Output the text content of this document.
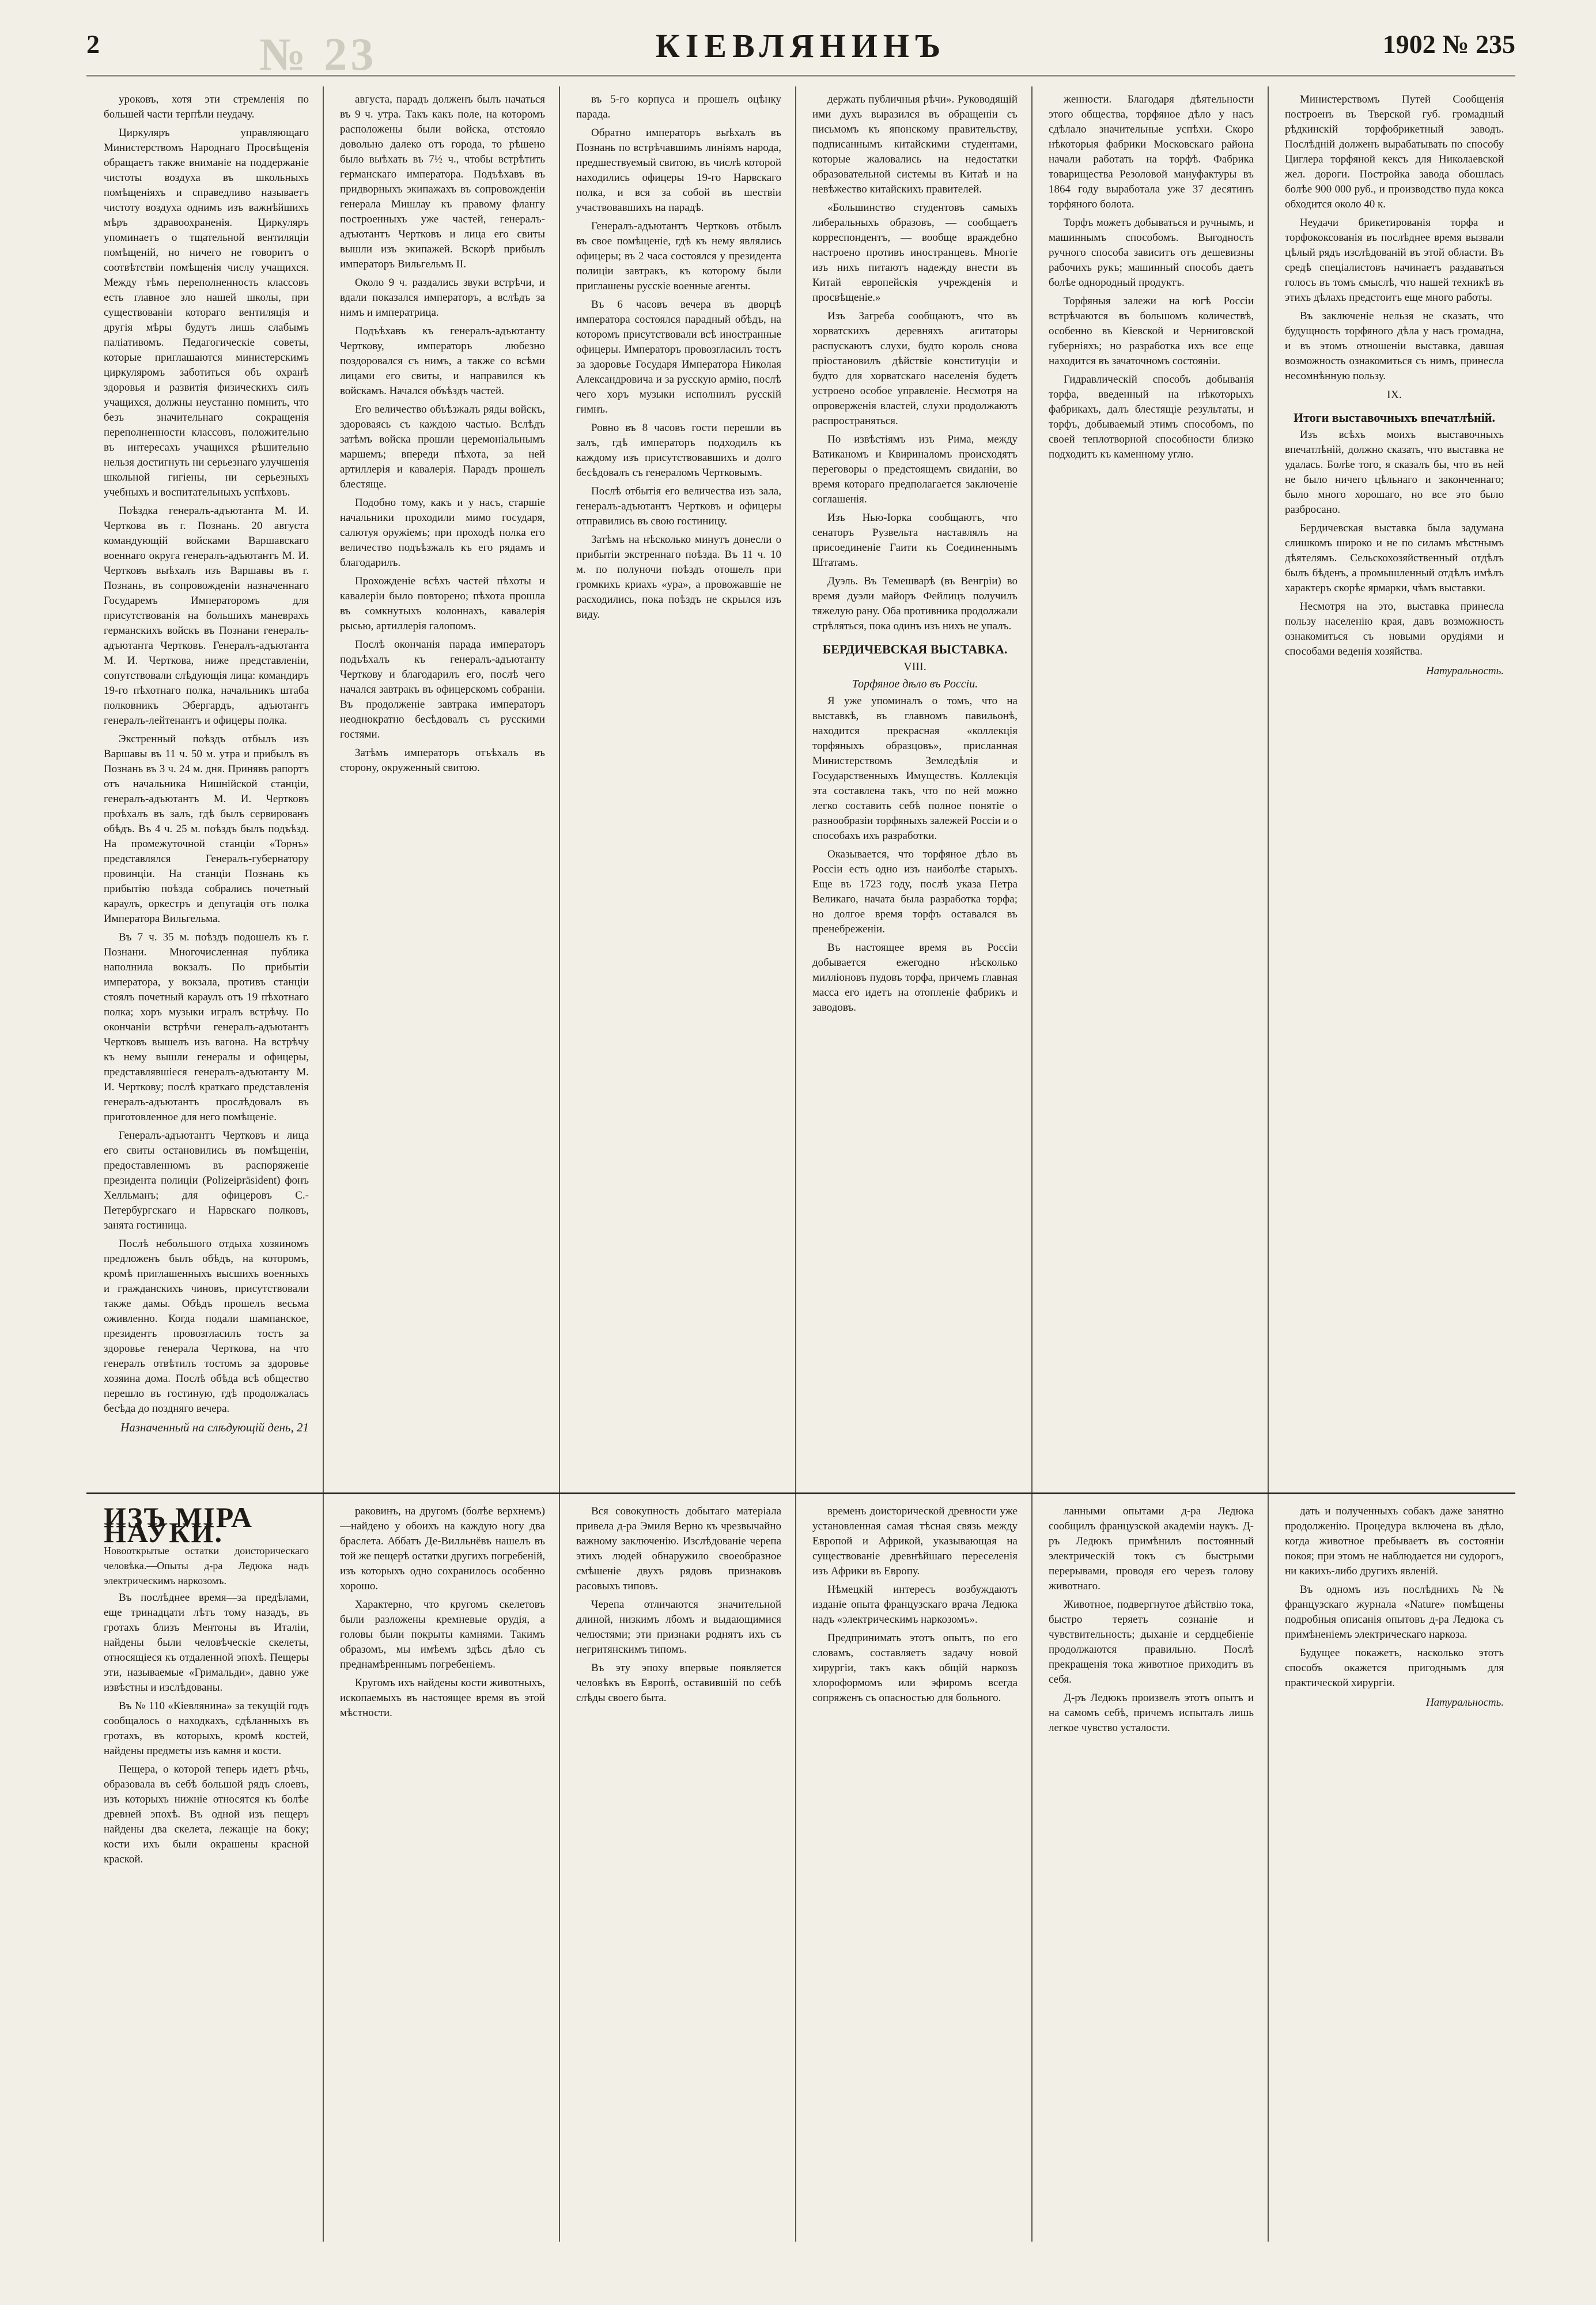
2	№ 23	КІЕВЛЯНИНЪ	1902 № 235

уроковъ, хотя эти стремленія по большей части терпѣли неудачу.

Циркуляръ управляющаго Министерствомъ Народнаго Просвѣщенія обращаетъ также вниманіе на поддержаніе чистоты воздуха въ школьныхъ помѣщеніяхъ и справедливо называетъ чистоту воздуха однимъ изъ важнѣйшихъ мѣръ здравоохраненія. Циркуляръ упоминаетъ о тщательной вентиляціи помѣщеній, но ничего не говоритъ о соотвѣтствіи помѣщенія числу учащихся. Между тѣмъ переполненность классовъ есть главное зло нашей школы, при существованіи котораго вентиляція и другія мѣры будутъ лишь слабымъ паліативомъ. Педагогическіе советы, которые приглашаются министерскимъ циркуляромъ заботиться объ охранѣ здоровья и развитія физическихъ силъ учащихся, должны неустанно помнить, что безъ значительнаго сокращенія переполненности классовъ, положительно въ интересахъ учащихся рѣшительно нельзя достигнуть ни серьезнаго улучшенія школьной гигіены, ни серьезныхъ учебныхъ и воспитательныхъ успѣховъ.

Поѣздка генералъ-адъютанта М. И. Черткова въ г. Познань. 20 августа командующій войсками Варшавскаго военнаго округа генералъ-адъютантъ М. И. Чертковъ выѣхалъ изъ Варшавы въ г. Познань, въ сопровожденіи назначеннаго Государемъ Императоромъ для присутствованія на большихъ маневрахъ германскихъ войскъ въ Познани генералъ-адъютанта Чертковъ. Генералъ-адъютанта М. И. Черткова, ниже представленіи, сопутствовали слѣдующія лица: командиръ 19-го пѣхотнаго полка, начальникъ штаба полковникъ Эбергардъ, адъютантъ генералъ-лейтенантъ и офицеры полка.

Экстренный поѣздъ отбылъ изъ Варшавы въ 11 ч. 50 м. утра и прибылъ въ Познань въ 3 ч. 24 м. дня. Принявъ рапортъ отъ начальника Нишнійской станціи, генералъ-адъютантъ М. И. Чертковъ проѣхалъ въ залъ, гдѣ былъ сервированъ обѣдъ. Въ 4 ч. 25 м. поѣздъ былъ подъѣзд. На промежуточной станціи «Торнъ» представлялся Генералъ-губернатору провинціи. На станціи Познань къ прибытію поѣзда собрались почетный караулъ, оркестръ и депутація отъ полка Императора Вильгельма.

Въ 7 ч. 35 м. поѣздъ подошелъ къ г. Познани. Многочисленная публика наполнила вокзалъ. По прибытіи императора, у вокзала, противъ станціи стоялъ почетный караулъ отъ 19 пѣхотнаго полка; хоръ музыки игралъ встрѣчу. По окончаніи встрѣчи генералъ-адъютантъ Чертковъ вышелъ изъ вагона. На встрѣчу къ нему вышли генералы и офицеры, представлявшіеся генералъ-адъютанту М. И. Черткову; послѣ краткаго представленія генералъ-адъютантъ прослѣдовалъ въ приготовленное для него помѣщеніе.

Генералъ-адъютантъ Чертковъ и лица его свиты остановились въ помѣщеніи, предоставленномъ въ распоряженіе президента полиціи (Polizeipräsident) фонъ Хелльманъ; для офицеровъ С.-Петербургскаго и Нарвскаго полковъ, занята гостиница.

Послѣ небольшого отдыха хозяиномъ предложенъ былъ обѣдъ, на которомъ, кромѣ приглашенныхъ высшихъ военныхъ и гражданскихъ чиновъ, присутствовали также дамы. Обѣдъ прошелъ весьма оживленно. Когда подали шампанское, президентъ провозгласилъ тостъ за здоровье генерала Черткова, на что генералъ отвѣтилъ тостомъ за здоровье хозяина дома. Послѣ обѣда всѣ общество перешло въ гостиную, гдѣ продолжалась бесѣда до поздняго вечера.

Назначенный на слѣдующій день, 21

августа, парадъ долженъ былъ начаться въ 9 ч. утра. Такъ какъ поле, на которомъ расположены были войска, отстояло довольно далеко отъ города, то рѣшено было выѣхать въ 7½ ч., чтобы встрѣтить германскаго императора. Подъѣхавъ въ придворныхъ экипажахъ въ сопровожденіи генерала Мишлау къ правому флангу построенныхъ уже частей, генералъ-адъютантъ Чертковъ и лица его свиты вышли изъ экипажей. Вскорѣ прибылъ императоръ Вильгельмъ II.

Около 9 ч. раздались звуки встрѣчи, и вдали показался императоръ, а вслѣдъ за нимъ и императрица.

Подъѣхавъ къ генералъ-адъютанту Черткову, императоръ любезно поздоровался съ нимъ, а также со всѣми лицами его свиты, и направился къ войскамъ. Начался объѣздъ частей.

Его величество объѣзжалъ ряды войскъ, здороваясь съ каждою частью. Вслѣдъ затѣмъ войска прошли церемоніальнымъ маршемъ; впереди пѣхота, за ней артиллерія и кавалерія. Парадъ прошелъ блестяще.

Подобно тому, какъ и у насъ, старшіе начальники проходили мимо государя, салютуя оружіемъ; при проходѣ полка его величество подъѣзжалъ къ его рядамъ и благодарилъ.

Прохожденіе всѣхъ частей пѣхоты и кавалеріи было повторено; пѣхота прошла въ сомкнутыхъ колоннахъ, кавалерія рысью, артиллерія галопомъ.

Послѣ окончанія парада императоръ подъѣхалъ къ генералъ-адъютанту Черткову и благодарилъ его, послѣ чего начался завтракъ въ офицерскомъ собраніи. Въ продолженіе завтрака императоръ неоднократно бесѣдовалъ съ русскими гостями.

Затѣмъ императоръ отъѣхалъ въ сторону, окруженный свитою.

въ 5-го корпуса и прошелъ оцѣнку парада.

Обратно императоръ выѣхалъ въ Познань по встрѣчавшимъ линіямъ народа, предшествуемый свитою, въ числѣ которой находились офицеры 19-го Нарвскаго полка, и вся за собой въ шествіи участвовавшихъ на парадѣ.

Генералъ-адъютантъ Чертковъ отбылъ въ свое помѣщеніе, гдѣ къ нему являлись офицеры; въ 2 часа состоялся у президента полиціи завтракъ, къ которому были приглашены русскіе военные агенты.

Въ 6 часовъ вечера въ дворцѣ императора состоялся парадный обѣдъ, на которомъ присутствовали всѣ иностранные офицеры. Императоръ провозгласилъ тостъ за здоровье Государя Императора Николая Александровича и за русскую армію, послѣ чего хоръ музыки исполнилъ русскій гимнъ.

Ровно въ 8 часовъ гости перешли въ залъ, гдѣ императоръ подходилъ къ каждому изъ присутствовавшихъ и долго бесѣдовалъ съ генераломъ Чертковымъ.

Послѣ отбытія его величества изъ зала, генералъ-адъютантъ Чертковъ и офицеры отправились въ свою гостиницу.

Затѣмъ на нѣсколько минутъ донесли о прибытіи экстреннаго поѣзда. Въ 11 ч. 10 м. по полуночи поѣздъ отошелъ при громкихъ криахъ «ура», а провожавшіе не расходились, пока поѣздъ не скрылся изъ виду.

держать публичныя рѣчи». Руководящій ими духъ выразился въ обращеніи съ письмомъ къ японскому правительству, подписаннымъ китайскими студентами, которые жаловались на недостатки образовательной системы въ Китаѣ и на невѣжество китайскихъ правителей.

«Большинство студентовъ самыхъ либеральныхъ образовъ, — сообщаетъ корреспондентъ, — вообще враждебно настроено противъ иностранцевъ. Многіе изъ нихъ питаютъ надежду внести въ Китай европейскія учрежденія и просвѣщеніе.»

Изъ Загреба сообщаютъ, что въ хорватскихъ деревняхъ агитаторы распускаютъ слухи, будто король снова пріостановилъ дѣйствіе конституціи и будто для хорватскаго населенія будетъ устроено особое управленіе. Несмотря на опроверженія властей, слухи продолжаютъ распространяться.

По извѣстіямъ изъ Рима, между Ватиканомъ и Квириналомъ происходятъ переговоры о предстоящемъ свиданіи, во время котораго предполагается заключеніе соглашенія.

Изъ Нью-Іорка сообщаютъ, что сенаторъ Рузвельта наставлялъ на присоединеніе Гаити къ Соединеннымъ Штатамъ.

Дуэль. Въ Темешварѣ (въ Венгріи) во время дуэли майоръ Фейлицъ получилъ тяжелую рану. Оба противника продолжали стрѣляться, пока одинъ изъ нихъ не упалъ.

БЕРДИЧЕВСКАЯ ВЫСТАВКА.
VIII.
Торфяное дѣло въ Россіи.

Я уже упоминалъ о томъ, что на выставкѣ, въ главномъ павильонѣ, находится прекрасная «коллекція торфяныхъ образцовъ», присланная Министерствомъ Земледѣлія и Государственныхъ Имуществъ. Коллекція эта составлена такъ, что по ней можно легко составить себѣ полное понятіе о разнообразіи торфяныхъ залежей Россіи и о способахъ ихъ разработки.

Оказывается, что торфяное дѣло въ Россіи есть одно изъ наиболѣе старыхъ. Еще въ 1723 году, послѣ указа Петра Великаго, начата была разработка торфа; но долгое время торфъ оставался въ пренебреженіи.

Въ настоящее время въ Россіи добывается ежегодно нѣсколько милліоновъ пудовъ торфа, причемъ главная масса его идетъ на отопленіе фабрикъ и заводовъ.

женности. Благодаря дѣятельности этого общества, торфяное дѣло у насъ сдѣлало значительные успѣхи. Скоро нѣкоторыя фабрики Московскаго района начали работать на торфѣ. Фабрика товарищества Резоловой мануфактуры въ 1864 году выработала уже 37 десятинъ торфяного болота.

Торфъ можетъ добываться и ручнымъ, и машиннымъ способомъ. Выгодность ручного способа зависитъ отъ дешевизны рабочихъ рукъ; машинный способъ даетъ болѣе однородный продуктъ.

Торфяныя залежи на югѣ Россіи встрѣчаются въ большомъ количествѣ, особенно въ Кіевской и Черниговской губерніяхъ; но разработка ихъ все еще находится въ зачаточномъ состояніи.

Гидравлическій способъ добыванія торфа, введенный на нѣкоторыхъ фабрикахъ, далъ блестящіе результаты, и торфъ, добываемый этимъ способомъ, по своей теплотворной способности близко подходитъ къ каменному углю.

Министерствомъ Путей Сообщенія построенъ въ Тверской губ. громадный рѣдкинскій торфобрикетный заводъ. Послѣдній долженъ вырабатывать по способу Циглера торфяной кексъ для Николаевской жел. дороги. Постройка завода обошлась болѣе 900 000 руб., и производство пуда кокса обходится около 40 к.

Неудачи брикетированія торфа и торфококсованія въ послѣднее время вызвали цѣлый рядъ изслѣдованій въ этой области. Въ средѣ спеціалистовъ начинаетъ раздаваться голосъ въ томъ смыслѣ, что нашей техникѣ въ этихъ дѣлахъ предстоитъ еще много работы.

Въ заключеніе нельзя не сказать, что будущность торфяного дѣла у насъ громадна, и въ этомъ отношеніи выставка, давшая возможность ознакомиться съ нимъ, принесла несомнѣнную пользу.

IX.
Итоги выставочныхъ впечатлѣній.

Изъ всѣхъ моихъ выставочныхъ впечатлѣній, должно сказать, что выставка не удалась. Болѣе того, я сказалъ бы, что въ ней не было ничего цѣльнаго и законченнаго; было много хорошаго, но все это было разбросано.

Бердичевская выставка была задумана слишкомъ широко и не по силамъ мѣстнымъ дѣятелямъ. Сельскохозяйственный отдѣлъ былъ бѣденъ, а промышленный отдѣлъ имѣлъ характеръ скорѣе ярмарки, чѣмъ выставки.

Несмотря на это, выставка принесла пользу населенію края, давъ возможность ознакомиться съ новыми орудіями и способами веденія хозяйства.

Натуральность.
ИЗЪ МІРА НАУКИ.
Новооткрытые остатки доисторическаго человѣка.—Опыты д-ра Ледюка надъ электрическимъ наркозомъ.

Въ послѣднее время—за предѣлами, еще тринадцати лѣтъ тому назадъ, въ гротахъ близъ Ментоны въ Италіи, найдены были человѣческіе скелеты, относящіеся къ отдаленной эпохѣ. Пещеры эти, называемые «Гримальди», давно уже извѣстны и изслѣдованы.

Въ № 110 «Кіевлянина» за текущій годъ сообщалось о находкахъ, сдѣланныхъ въ гротахъ, въ которыхъ, кромѣ костей, найдены предметы изъ камня и кости.

Пещера, о которой теперь идетъ рѣчь, образовала въ себѣ большой рядъ слоевъ, изъ которыхъ нижніе относятся къ болѣе древней эпохѣ. Въ одной изъ пещеръ найдены два скелета, лежащіе на боку; кости ихъ были окрашены красной краской.

раковинъ, на другомъ (болѣе верхнемъ)—найдено у обоихъ на каждую ногу два браслета. Аббатъ Де-Вилльнёвъ нашелъ въ той же пещерѣ остатки другихъ погребеній, изъ которыхъ одно сохранилось особенно хорошо.

Характерно, что кругомъ скелетовъ были разложены кремневые орудія, а головы были покрыты камнями. Такимъ образомъ, мы имѣемъ здѣсь дѣло съ преднамѣреннымъ погребеніемъ.

Кругомъ ихъ найдены кости животныхъ, ископаемыхъ въ настоящее время въ этой мѣстности.

Вся совокупность добытаго матеріала привела д-ра Эмиля Верно къ чрезвычайно важному заключенію. Изслѣдованіе черепа этихъ людей обнаружило своеобразное смѣшеніе двухъ рядовъ признаковъ расовыхъ типовъ.

Черепа отличаются значительной длиной, низкимъ лбомъ и выдающимися челюстями; эти признаки роднятъ ихъ съ негритянскимъ типомъ.

Въ эту эпоху впервые появляется человѣкъ въ Европѣ, оставившій по себѣ слѣды своего быта.

временъ доисторической древности уже установленная самая тѣсная связь между Европой и Африкой, указывающая на существованіе древнѣйшаго переселенія изъ Африки въ Европу.

Нѣмецкій интересъ возбуждаютъ изданіе опыта французскаго врача Ледюка надъ «электрическимъ наркозомъ».

Предпринимать этотъ опытъ, по его словамъ, составляетъ задачу новой хирургіи, такъ какъ общій наркозъ хлороформомъ или эфиромъ всегда сопряженъ съ опасностью для больного.

ланными опытами д-ра Ледюка сообщилъ французской академіи наукъ. Д-ръ Ледюкъ примѣнилъ постоянный электрическій токъ съ быстрыми перерывами, проводя его черезъ голову животнаго.

Животное, подвергнутое дѣйствію тока, быстро теряетъ сознаніе и чувствительность; дыханіе и сердцебіеніе продолжаются правильно. Послѣ прекращенія тока животное приходитъ въ себя.

Д-ръ Ледюкъ произвелъ этотъ опытъ и на самомъ себѣ, причемъ испыталъ лишь легкое чувство усталости.

дать и полученныхъ собакъ даже занятно продолженію. Процедура включена въ дѣло, когда животное пребываетъ въ состояніи покоя; при этомъ не наблюдается ни судорогъ, ни какихъ-либо другихъ явленій.

Въ одномъ изъ послѣднихъ №№ французскаго журнала «Nature» помѣщены подробныя описанія опытовъ д-ра Ледюка съ примѣненіемъ электрическаго наркоза.

Будущее покажетъ, насколько этотъ способъ окажется пригоднымъ для практической хирургіи.

Натуральность.
